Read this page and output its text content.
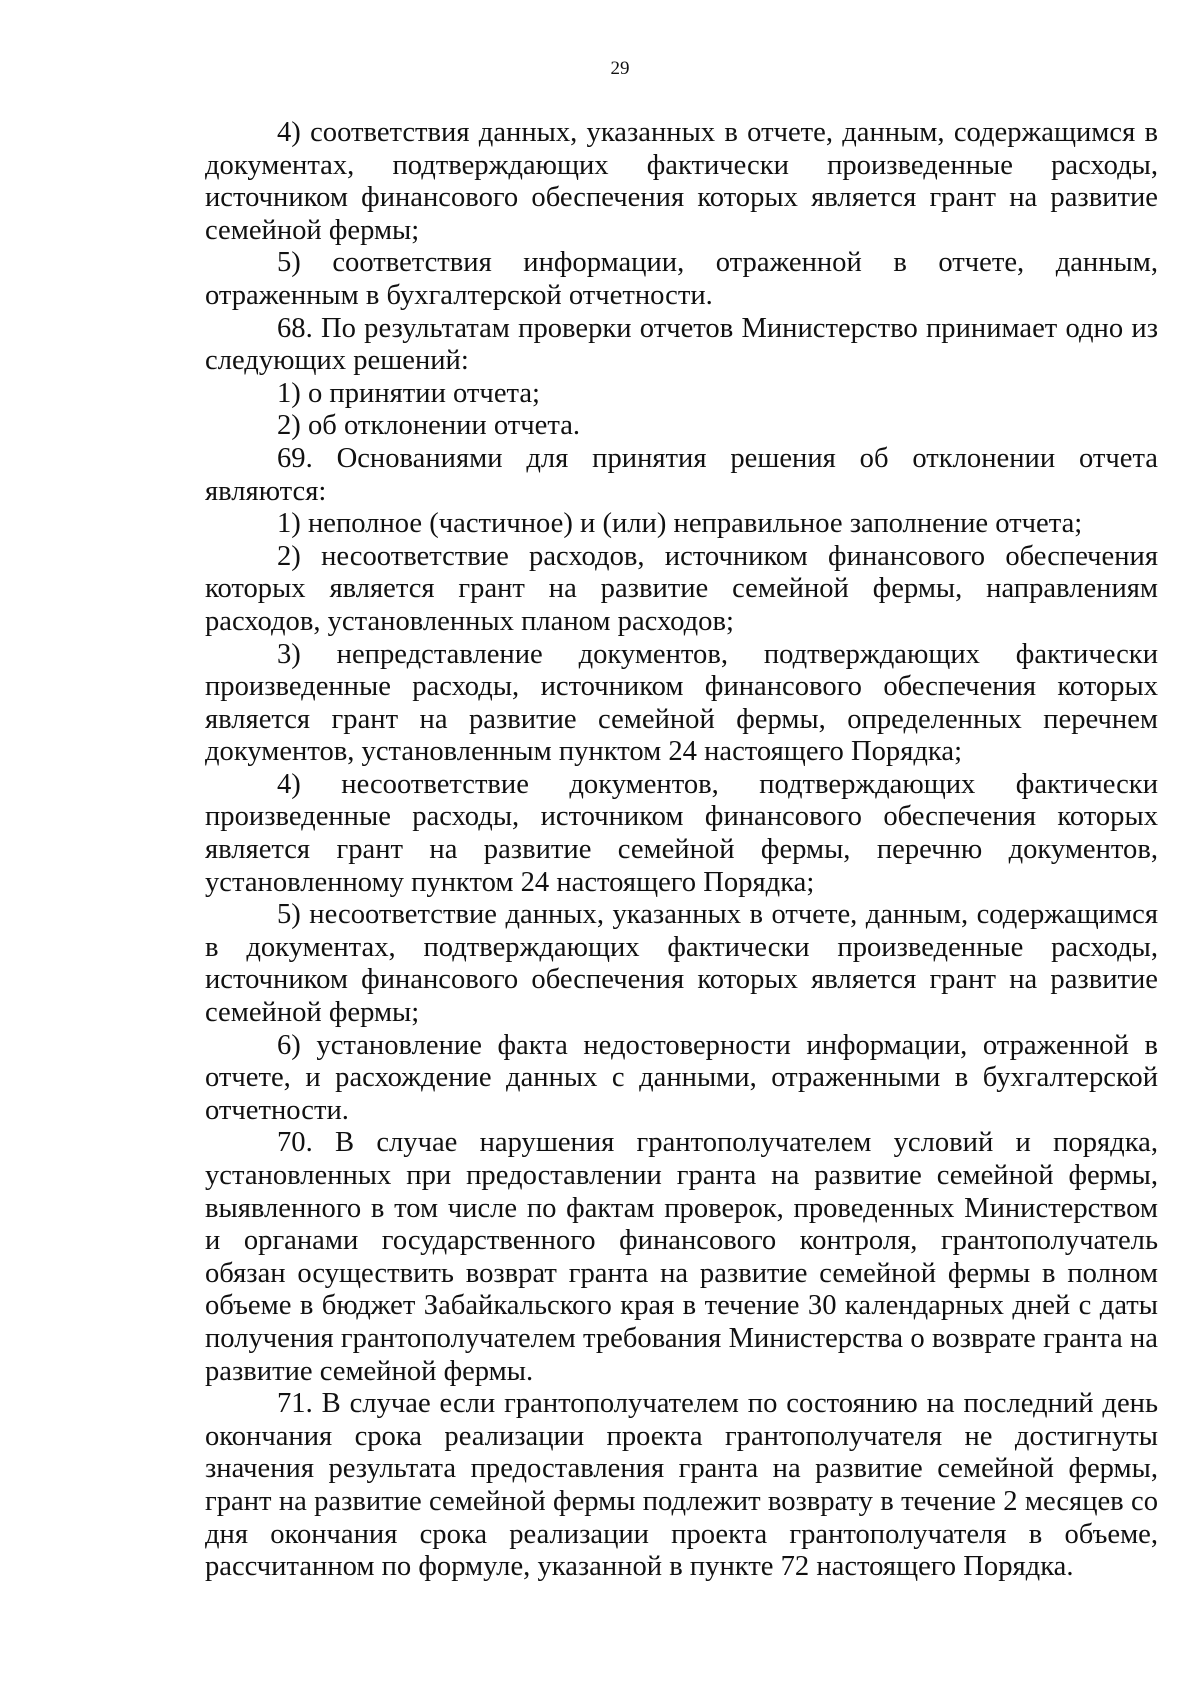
29

4) соответствия данных, указанных в отчете, данным, содержащимся в документах, подтверждающих фактически произведенные расходы, источником финансового обеспечения которых является грант на развитие семейной фермы;

5) соответствия информации, отраженной в отчете, данным, отраженным в бухгалтерской отчетности.

68. По результатам проверки отчетов Министерство принимает одно из следующих решений:

1) о принятии отчета;

2) об отклонении отчета.

69. Основаниями для принятия решения об отклонении отчета являются:

1) неполное (частичное) и (или) неправильное заполнение отчета;

2) несоответствие расходов, источником финансового обеспечения которых является грант на развитие семейной фермы, направлениям расходов, установленных планом расходов;

3) непредставление документов, подтверждающих фактически произведенные расходы, источником финансового обеспечения которых является грант на развитие семейной фермы, определенных перечнем документов, установленным пунктом 24 настоящего Порядка;

4) несоответствие документов, подтверждающих фактически произведенные расходы, источником финансового обеспечения которых является грант на развитие семейной фермы, перечню документов, установленному пунктом 24 настоящего Порядка;

5) несоответствие данных, указанных в отчете, данным, содержащимся в документах, подтверждающих фактически произведенные расходы, источником финансового обеспечения которых является грант на развитие семейной фермы;

6) установление факта недостоверности информации, отраженной в отчете, и расхождение данных с данными, отраженными в бухгалтерской отчетности.

70. В случае нарушения грантополучателем условий и порядка, установленных при предоставлении гранта на развитие семейной фермы, выявленного в том числе по фактам проверок, проведенных Министерством и органами государственного финансового контроля, грантополучатель обязан осуществить возврат гранта на развитие семейной фермы в полном объеме в бюджет Забайкальского края в течение 30 календарных дней с даты получения грантополучателем требования Министерства о возврате гранта на развитие семейной фермы.

71. В случае если грантополучателем по состоянию на последний день окончания срока реализации проекта грантополучателя не достигнуты значения результата предоставления гранта на развитие семейной фермы, грант на развитие семейной фермы подлежит возврату в течение 2 месяцев со дня окончания срока реализации проекта грантополучателя в объеме, рассчитанном по формуле, указанной в пункте 72 настоящего Порядка.
